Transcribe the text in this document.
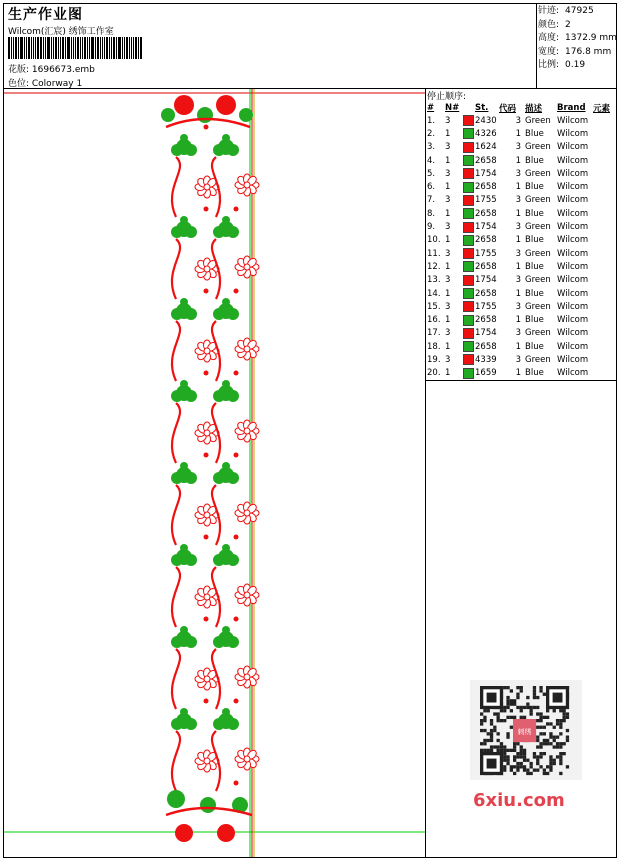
生产作业图
Wilcom(汇宸) 绣饰工作室
花版: 1696673.emb
色位: Colorway 1
针迹: 47925
颜色: 2
高度: 1372.9 mm
宽度: 176.8 mm
比例: 0.19
停止顺序:
#	N#		St.	代码	描述	Brand	元素
1.	3		2430	3	Green	Wilcom	
2.	1		4326	1	Blue	Wilcom	
3.	3		1624	3	Green	Wilcom	
4.	1		2658	1	Blue	Wilcom	
5.	3		1754	3	Green	Wilcom	
6.	1		2658	1	Blue	Wilcom	
7.	3		1755	3	Green	Wilcom	
8.	1		2658	1	Blue	Wilcom	
9.	3		1754	3	Green	Wilcom	
10.	1		2658	1	Blue	Wilcom	
11.	3		1755	3	Green	Wilcom	
12.	1		2658	1	Blue	Wilcom	
13.	3		1754	3	Green	Wilcom	
14.	1		2658	1	Blue	Wilcom	
15.	3		1755	3	Green	Wilcom	
16.	1		2658	1	Blue	Wilcom	
17.	3		1754	3	Green	Wilcom	
18.	1		2658	1	Blue	Wilcom	
19.	3		4339	3	Green	Wilcom	
20.	1		1659	1	Blue	Wilcom	
刺绣
6xiu.com
